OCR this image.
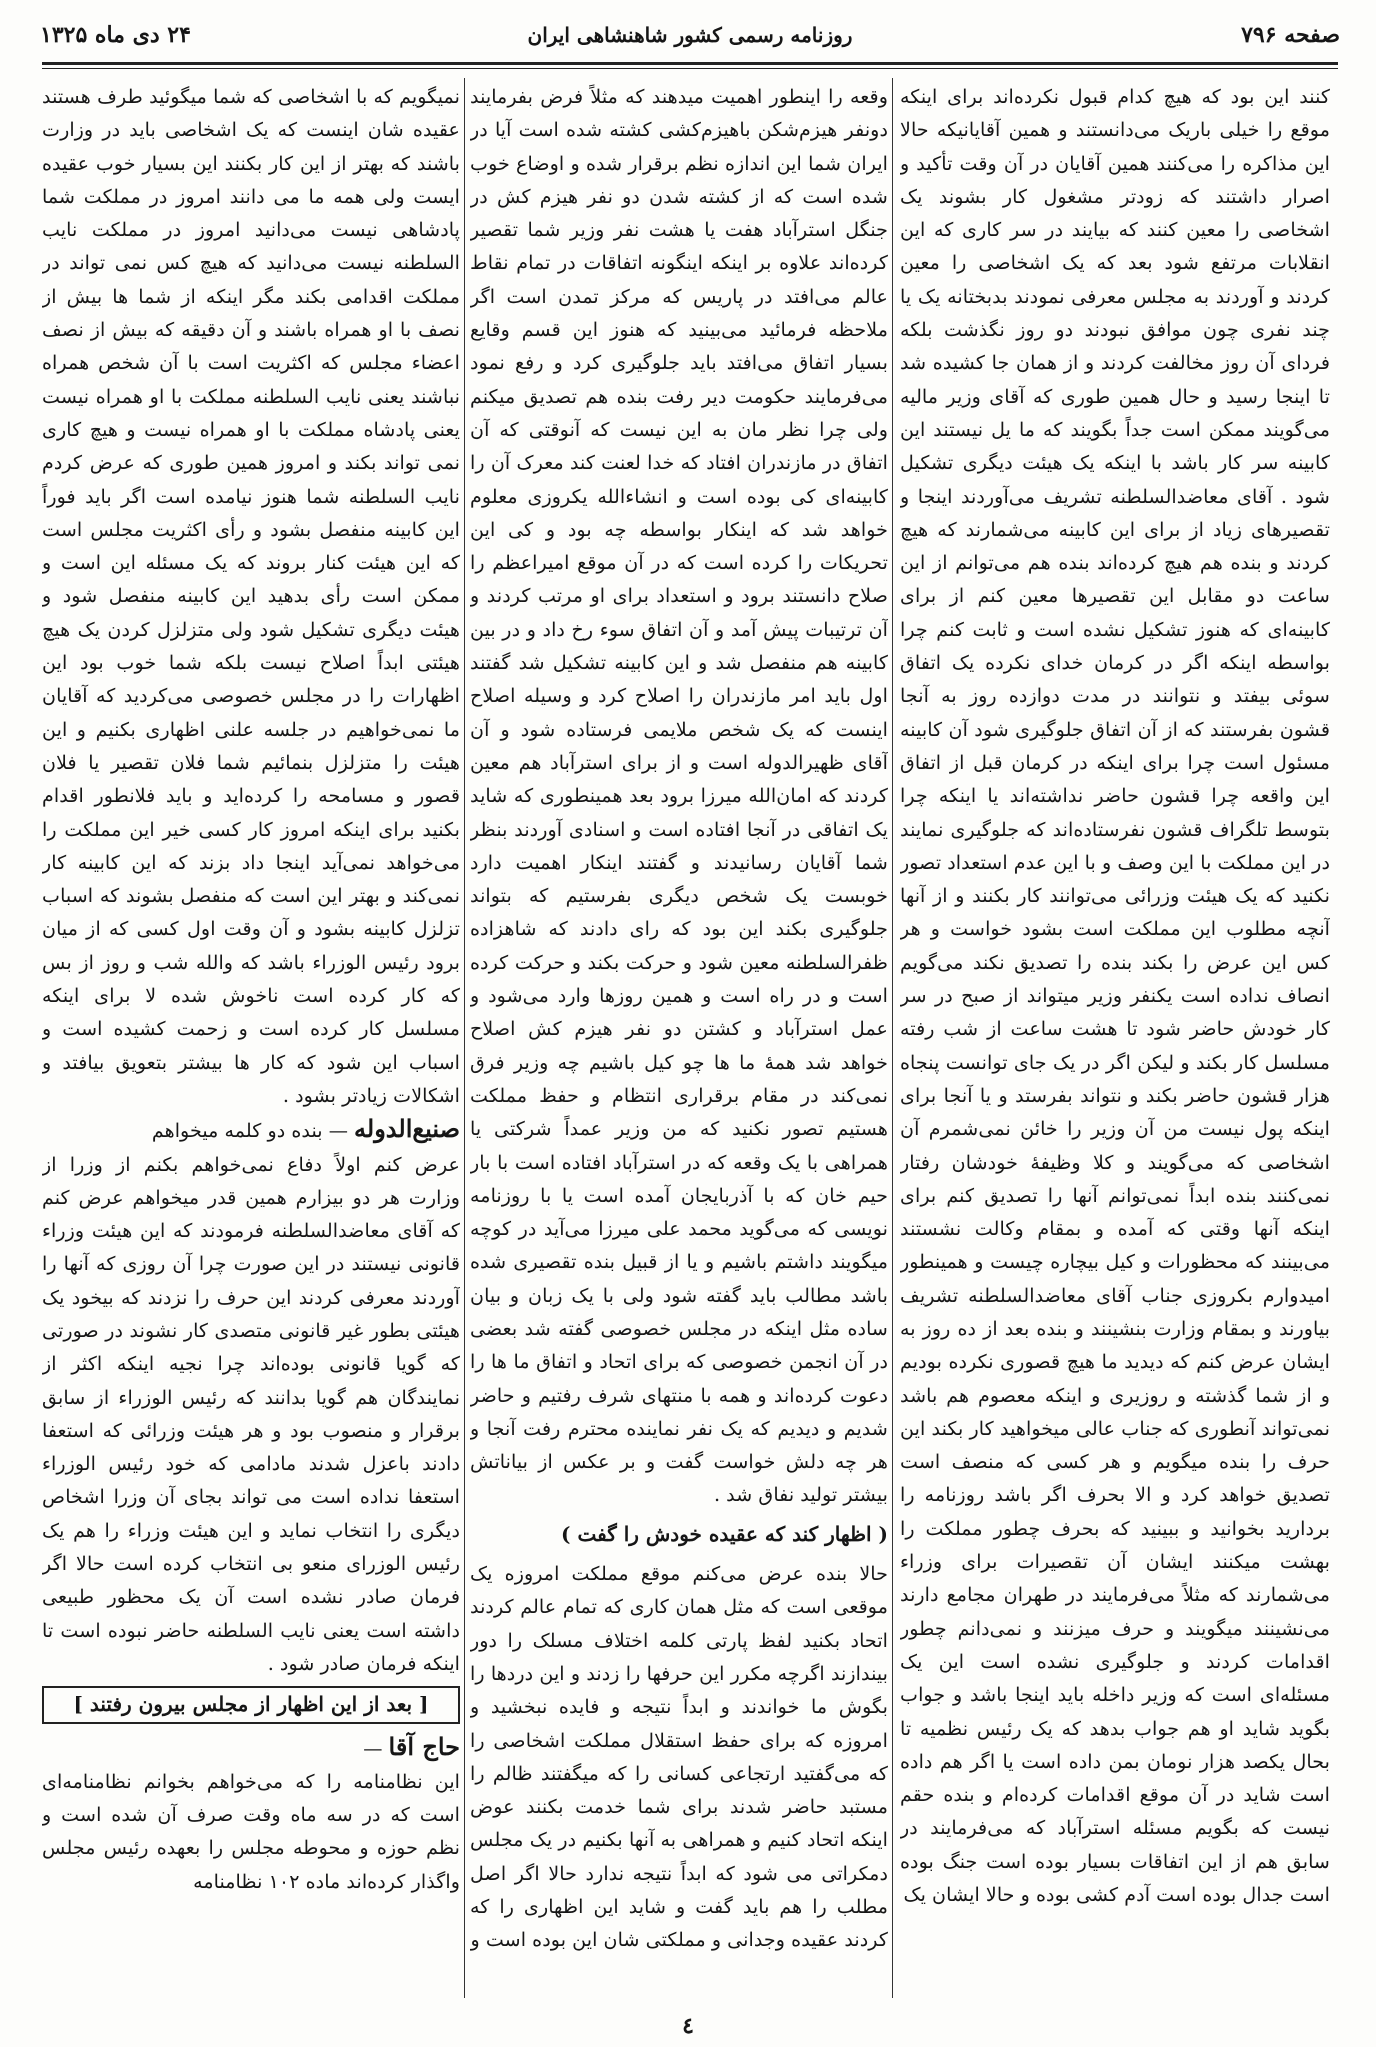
صفحه ۷۹۶
روزنامه رسمی کشور شاهنشاهی ایران
۲۴ دی ماه ۱۳۲۵

کنند این بود که هیچ کدام قبول نکرده‌اند برای اینکه موقع را خیلی باریک می‌دانستند و همین آقایانیکه حالا این مذاکره را می‌کنند همین آقایان در آن وقت تأکید و اصرار داشتند که زودتر مشغول کار بشوند یک اشخاصی را معین کنند که بیایند در سر کاری که این انقلابات مرتفع شود بعد که یک اشخاصی را معین کردند و آوردند به مجلس معرفی نمودند بدبختانه یک یا چند نفری چون موافق نبودند دو روز نگذشت بلکه فردای آن روز مخالفت کردند و از همان جا کشیده شد تا اینجا رسید و حال همین طوری که آقای وزیر مالیه می‌گویند ممکن است جداً بگویند که ما یل نیستند این کابینه سر کار باشد با اینکه یک هیئت دیگری تشکیل شود . آقای معاضدالسلطنه تشریف می‌آوردند اینجا و تقصیرهای زیاد از برای این کابینه می‌شمارند که هیچ کردند و بنده هم هیچ کرده‌اند بنده هم می‌توانم از این ساعت دو مقابل این تقصیرها معین کنم از برای کابینه‌ای که هنوز تشکیل نشده است و ثابت کنم چرا بواسطه اینکه اگر در کرمان خدای نکرده یک اتفاق سوئی بیفتد و نتوانند در مدت دوازده روز به آنجا قشون بفرستند که از آن اتفاق جلوگیری شود آن کابینه مسئول است چرا برای اینکه در کرمان قبل از اتفاق این واقعه چرا قشون حاضر نداشته‌اند یا اینکه چرا بتوسط تلگراف قشون نفرستاده‌اند که جلوگیری نمایند در این مملکت با این وصف و با این عدم استعداد تصور نکنید که یک هیئت وزرائی می‌توانند کار بکنند و از آنها آنچه مطلوب این مملکت است بشود خواست و هر کس این عرض را بکند بنده را تصدیق نکند می‌گویم انصاف نداده است یکنفر وزیر میتواند از صبح در سر کار خودش حاضر شود تا هشت ساعت از شب رفته مسلسل کار بکند و لیکن اگر در یک جای توانست پنجاه هزار قشون حاضر بکند و نتواند بفرستد و یا آنجا برای اینکه پول نیست من آن وزیر را خائن نمی‌شمرم آن اشخاصی که می‌گویند و کلا وظیفهٔ خودشان رفتار نمی‌کنند بنده ابداً نمی‌توانم آنها را تصدیق کنم برای اینکه آنها وقتی که آمده و بمقام وکالت نشستند می‌بینند که محظورات و کیل بیچاره چیست و همینطور امیدوارم بکروزی جناب آقای معاضدالسلطنه تشریف بیاورند و بمقام وزارت بنشینند و بنده بعد از ده روز به ایشان عرض کنم که دیدید ما هیچ قصوری نکرده بودیم و از شما گذشته و روزیری و اینکه معصوم هم باشد نمی‌تواند آنطوری که جناب عالی میخواهید کار بکند این حرف را بنده میگویم و هر کسی که منصف است تصدیق خواهد کرد و الا بحرف اگر باشد روزنامه را بردارید بخوانید و ببینید که بحرف چطور مملکت را بهشت میکنند ایشان آن تقصیرات برای وزراء می‌شمارند که مثلاً می‌فرمایند در طهران مجامع دارند می‌نشینند میگویند و حرف میزنند و نمی‌دانم چطور اقدامات کردند و جلوگیری نشده است این یک مسئله‌ای است که وزیر داخله باید اینجا باشد و جواب بگوید شاید او هم جواب بدهد که یک رئیس نظمیه تا بحال یکصد هزار نومان بمن داده است یا اگر هم داده است شاید در آن موقع اقدامات کرده‌ام و بنده حقم نیست که بگویم مسئله استرآباد که می‌فرمایند در سابق هم از این اتفاقات بسیار بوده است جنگ بوده است جدال بوده است آدم کشی بوده و حالا ایشان یک

وقعه را اینطور اهمیت میدهند که مثلاً فرض بفرمایند دونفر هیزم‌شکن باهیزم‌کشی کشته شده است آیا در ایران شما این اندازه نظم برقرار شده و اوضاع خوب شده است که از کشته شدن دو نفر هیزم کش در جنگل استرآباد هفت یا هشت نفر وزیر شما تقصیر کرده‌اند علاوه بر اینکه اینگونه اتفاقات در تمام نقاط عالم می‌افتد در پاریس که مرکز تمدن است اگر ملاحظه فرمائید می‌بینید که هنوز این قسم وقایع بسیار اتفاق می‌افتد باید جلوگیری کرد و رفع نمود می‌فرمایند حکومت دیر رفت بنده هم تصدیق میکنم ولی چرا نظر مان به این نیست که آنوقتی که آن اتفاق در مازندران افتاد که خدا لعنت کند معرک آن را کابینه‌ای کی بوده است و انشاءالله یکروزی معلوم خواهد شد که اینکار بواسطه چه بود و کی این تحریکات را کرده است که در آن موقع امیراعظم را صلاح دانستند برود و استعداد برای او مرتب کردند و آن ترتیبات پیش آمد و آن اتفاق سوء رخ داد و در بین کابینه هم منفصل شد و این کابینه تشکیل شد گفتند اول باید امر مازندران را اصلاح کرد و وسیله اصلاح اینست که یک شخص ملایمی فرستاده شود و آن آقای ظهیرالدوله است و از برای استرآباد هم معین کردند که امان‌الله میرزا برود بعد همینطوری که شاید یک اتفاقی در آنجا افتاده است و اسنادی آوردند بنظر شما آقایان رسانیدند و گفتند اینکار اهمیت دارد خوبست یک شخص دیگری بفرستیم که بتواند جلوگیری بکند این بود که رای دادند که شاهزاده ظفرالسلطنه معین شود و حرکت بکند و حرکت کرده است و در راه است و همین روزها وارد می‌شود و عمل استرآباد و کشتن دو نفر هیزم کش اصلاح خواهد شد همهٔ ما ها چو کیل باشیم چه وزیر فرق نمی‌کند در مقام برقراری انتظام و حفظ مملکت هستیم تصور نکنید که من وزیر عمداً شرکتی یا همراهی با یک وقعه که در استرآباد افتاده است با بار حیم خان که با آذربایجان آمده است یا با روزنامه نویسی که می‌گوید محمد علی میرزا می‌آید در کوچه میگویند داشتم باشیم و یا از قبیل بنده تقصیری شده باشد مطالب باید گفته شود ولی با یک زبان و بیان ساده مثل اینکه در مجلس خصوصی گفته شد بعضی در آن انجمن خصوصی که برای اتحاد و اتفاق ما ها را دعوت کرده‌اند و همه با منتهای شرف رفتیم و حاضر شدیم و دیدیم که یک نفر نماینده محترم رفت آنجا و هر چه دلش خواست گفت و بر عکس از بیاناتش بیشتر تولید نفاق شد .

( اظهار کند که عقیده خودش را گفت )

حالا بنده عرض می‌کنم موقع مملکت امروزه یک موقعی است که مثل همان کاری که تمام عالم کردند اتحاد بکنید لفظ پارتی کلمه اختلاف مسلک را دور بیندازند اگرچه مکرر این حرفها را زدند و این دردها را بگوش ما خواندند و ابداً نتیجه و فایده نبخشید و امروزه که برای حفظ استقلال مملکت اشخاصی را که می‌گفتید ارتجاعی کسانی را که میگفتند ظالم را مستبد حاضر شدند برای شما خدمت بکنند عوض اینکه اتحاد کنیم و همراهی به آنها بکنیم در یک مجلس دمکراتی می شود که ابداً نتیجه ندارد حالا اگر اصل مطلب را هم باید گفت و شاید این اظهاری را که کردند عقیده وجدانی و مملکتی شان این بوده است و

نمیگویم که با اشخاصی که شما میگوئید طرف هستند عقیده شان اینست که یک اشخاصی باید در وزارت باشند که بهتر از این کار بکنند این بسیار خوب عقیده ایست ولی همه ما می دانند امروز در مملکت شما پادشاهی نیست می‌دانید امروز در مملکت نایب السلطنه نیست می‌دانید که هیچ کس نمی تواند در مملکت اقدامی بکند مگر اینکه از شما ها بیش از نصف با او همراه باشند و آن دقیقه که بیش از نصف اعضاء مجلس که اکثریت است با آن شخص همراه نباشند یعنی نایب السلطنه مملکت با او همراه نیست یعنی پادشاه مملکت با او همراه نیست و هیچ کاری نمی تواند بکند و امروز همین طوری که عرض کردم نایب السلطنه شما هنوز نیامده است اگر باید فوراً این کابینه منفصل بشود و رأی اکثریت مجلس است که این هیئت کنار بروند که یک مسئله این است و ممکن است رأی بدهید این کابینه منفصل شود و هیئت دیگری تشکیل شود ولی متزلزل کردن یک هیچ هیئتی ابداً اصلاح نیست بلکه شما خوب بود این اظهارات را در مجلس خصوصی می‌کردید که آقایان ما نمی‌خواهیم در جلسه علنی اظهاری بکنیم و این هیئت را متزلزل بنمائیم شما فلان تقصیر یا فلان قصور و مسامحه را کرده‌اید و باید فلانطور اقدام بکنید برای اینکه امروز کار کسی خیر این مملکت را می‌خواهد نمی‌آید اینجا داد بزند که این کابینه کار نمی‌کند و بهتر این است که منفصل بشوند که اسباب تزلزل کابینه بشود و آن وقت اول کسی که از میان برود رئیس الوزراء باشد که والله شب و روز از بس که کار کرده است ناخوش شده لا برای اینکه مسلسل کار کرده است و زحمت کشیده است و اسباب این شود که کار ها بیشتر بتعویق بیافتد و اشکالات زیادتر بشود .

صنیع‌الدوله — بنده دو کلمه میخواهم

عرض کنم اولاً دفاع نمی‌خواهم بکنم از وزرا از وزارت هر دو بیزارم همین قدر میخواهم عرض کنم که آقای معاضدالسلطنه فرمودند که این هیئت وزراء قانونی نیستند در این صورت چرا آن روزی که آنها را آوردند معرفی کردند این حرف را نزدند که بیخود یک هیئتی بطور غیر قانونی متصدی کار نشوند در صورتی که گویا قانونی بوده‌اند چرا نجیه اینکه اکثر از نمایندگان هم گویا بدانند که رئیس الوزراء از سابق برقرار و منصوب بود و هر هیئت وزرائی که استعفا دادند باعزل شدند مادامی که خود رئیس الوزراء استعفا نداده است می تواند بجای آن وزرا اشخاص دیگری را انتخاب نماید و این هیئت وزراء را هم یک رئیس الوزرای منعو بی انتخاب کرده است حالا اگر فرمان صادر نشده است آن یک محظور طبیعی داشته است یعنی نایب السلطنه حاضر نبوده است تا اینکه فرمان صادر شود .

[ بعد از این اظهار از مجلس بیرون رفتند ]

حاج آقا —

این نظامنامه را که می‌خواهم بخوانم نظامنامه‌ای است که در سه ماه وقت صرف آن شده است و نظم حوزه و محوطه مجلس را بعهده رئیس مجلس واگذار کرده‌اند ماده ۱۰۲ نظامنامه

٤
